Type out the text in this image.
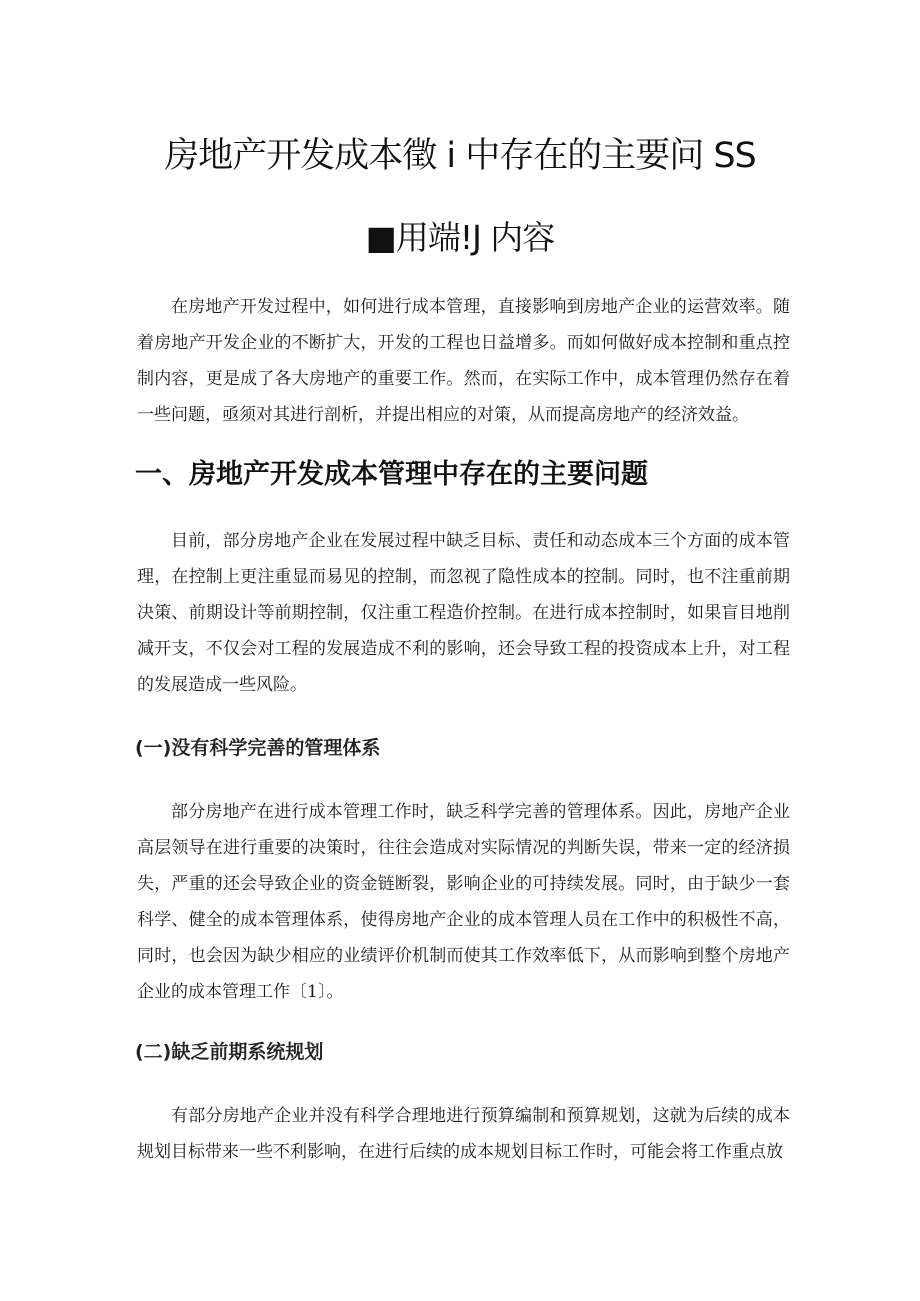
房地产开发成本徵 i 中存在的主要问 SS
■用端!J 内容

在房地产开发过程中，如何进行成本管理，直接影响到房地产企业的运营效率。随着房地产开发企业的不断扩大，开发的工程也日益增多。而如何做好成本控制和重点控制内容，更是成了各大房地产的重要工作。然而，在实际工作中，成本管理仍然存在着一些问题，亟须对其进行剖析，并提出相应的对策，从而提高房地产的经济效益。

一、房地产开发成本管理中存在的主要问题

目前，部分房地产企业在发展过程中缺乏目标、责任和动态成本三个方面的成本管理，在控制上更注重显而易见的控制，而忽视了隐性成本的控制。同时，也不注重前期决策、前期设计等前期控制，仅注重工程造价控制。在进行成本控制时，如果盲目地削减开支，不仅会对工程的发展造成不利的影响，还会导致工程的投资成本上升，对工程的发展造成一些风险。

(一)没有科学完善的管理体系

部分房地产在进行成本管理工作时，缺乏科学完善的管理体系。因此，房地产企业高层领导在进行重要的决策时，往往会造成对实际情况的判断失误，带来一定的经济损失，严重的还会导致企业的资金链断裂，影响企业的可持续发展。同时，由于缺少一套科学、健全的成本管理体系，使得房地产企业的成本管理人员在工作中的积极性不高，同时，也会因为缺少相应的业绩评价机制而使其工作效率低下，从而影响到整个房地产企业的成本管理工作〔1〕。

(二)缺乏前期系统规划

有部分房地产企业并没有科学合理地进行预算编制和预算规划，这就为后续的成本规划目标带来一些不利影响，在进行后续的成本规划目标工作时，可能会将工作重点放
